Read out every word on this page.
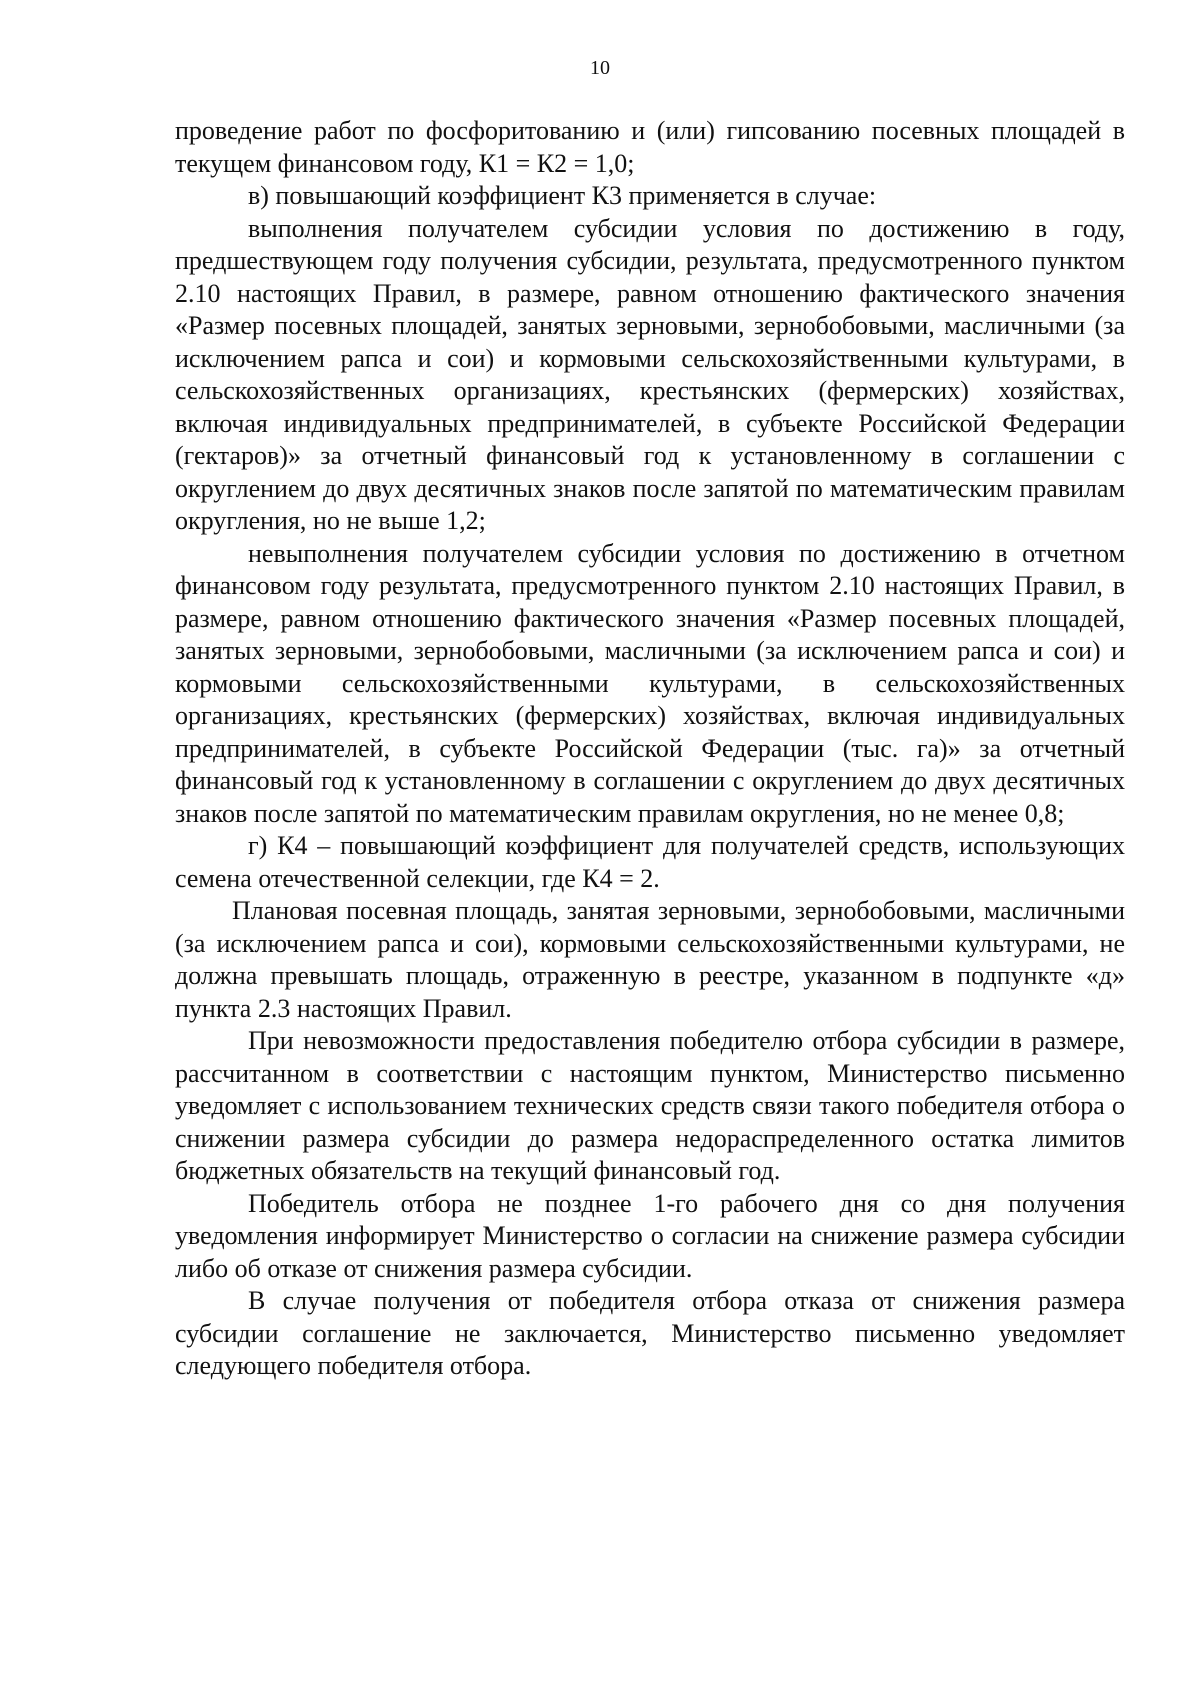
10

проведение работ по фосфоритованию и (или) гипсованию посевных площадей в текущем финансовом году, К1 = К2 = 1,0;

в) повышающий коэффициент К3 применяется в случае:

выполнения получателем субсидии условия по достижению в году, предшествующем году получения субсидии, результата, предусмотренного пунктом 2.10 настоящих Правил, в размере, равном отношению фактического значения «Размер посевных площадей, занятых зерновыми, зернобобовыми, масличными (за исключением рапса и сои) и кормовыми сельскохозяйственными культурами, в сельскохозяйственных организациях, крестьянских (фермерских) хозяйствах, включая индивидуальных предпринимателей, в субъекте Российской Федерации (гектаров)» за отчетный финансовый год к установленному в соглашении с округлением до двух десятичных знаков после запятой по математическим правилам округления, но не выше 1,2;

невыполнения получателем субсидии условия по достижению в отчетном финансовом году результата, предусмотренного пунктом 2.10 настоящих Правил, в размере, равном отношению фактического значения «Размер посевных площадей, занятых зерновыми, зернобобовыми, масличными (за исключением рапса и сои) и кормовыми сельскохозяйственными культурами, в сельскохозяйственных организациях, крестьянских (фермерских) хозяйствах, включая индивидуальных предпринимателей, в субъекте Российской Федерации (тыс. га)» за отчетный финансовый год к установленному в соглашении с округлением до двух десятичных знаков после запятой по математическим правилам округления, но не менее 0,8;

г) К4 – повышающий коэффициент для получателей средств, использующих семена отечественной селекции, где К4 = 2.

Плановая посевная площадь, занятая зерновыми, зернобобовыми, масличными (за исключением рапса и сои), кормовыми сельскохозяйственными культурами, не должна превышать площадь, отраженную в реестре, указанном в подпункте «д» пункта 2.3 настоящих Правил.

При невозможности предоставления победителю отбора субсидии в размере, рассчитанном в соответствии с настоящим пунктом, Министерство письменно уведомляет с использованием технических средств связи такого победителя отбора о снижении размера субсидии до размера недораспределенного остатка лимитов бюджетных обязательств на текущий финансовый год.

Победитель отбора не позднее 1-го рабочего дня со дня получения уведомления информирует Министерство о согласии на снижение размера субсидии либо об отказе от снижения размера субсидии.

В случае получения от победителя отбора отказа от снижения размера субсидии соглашение не заключается, Министерство письменно уведомляет следующего победителя отбора.
